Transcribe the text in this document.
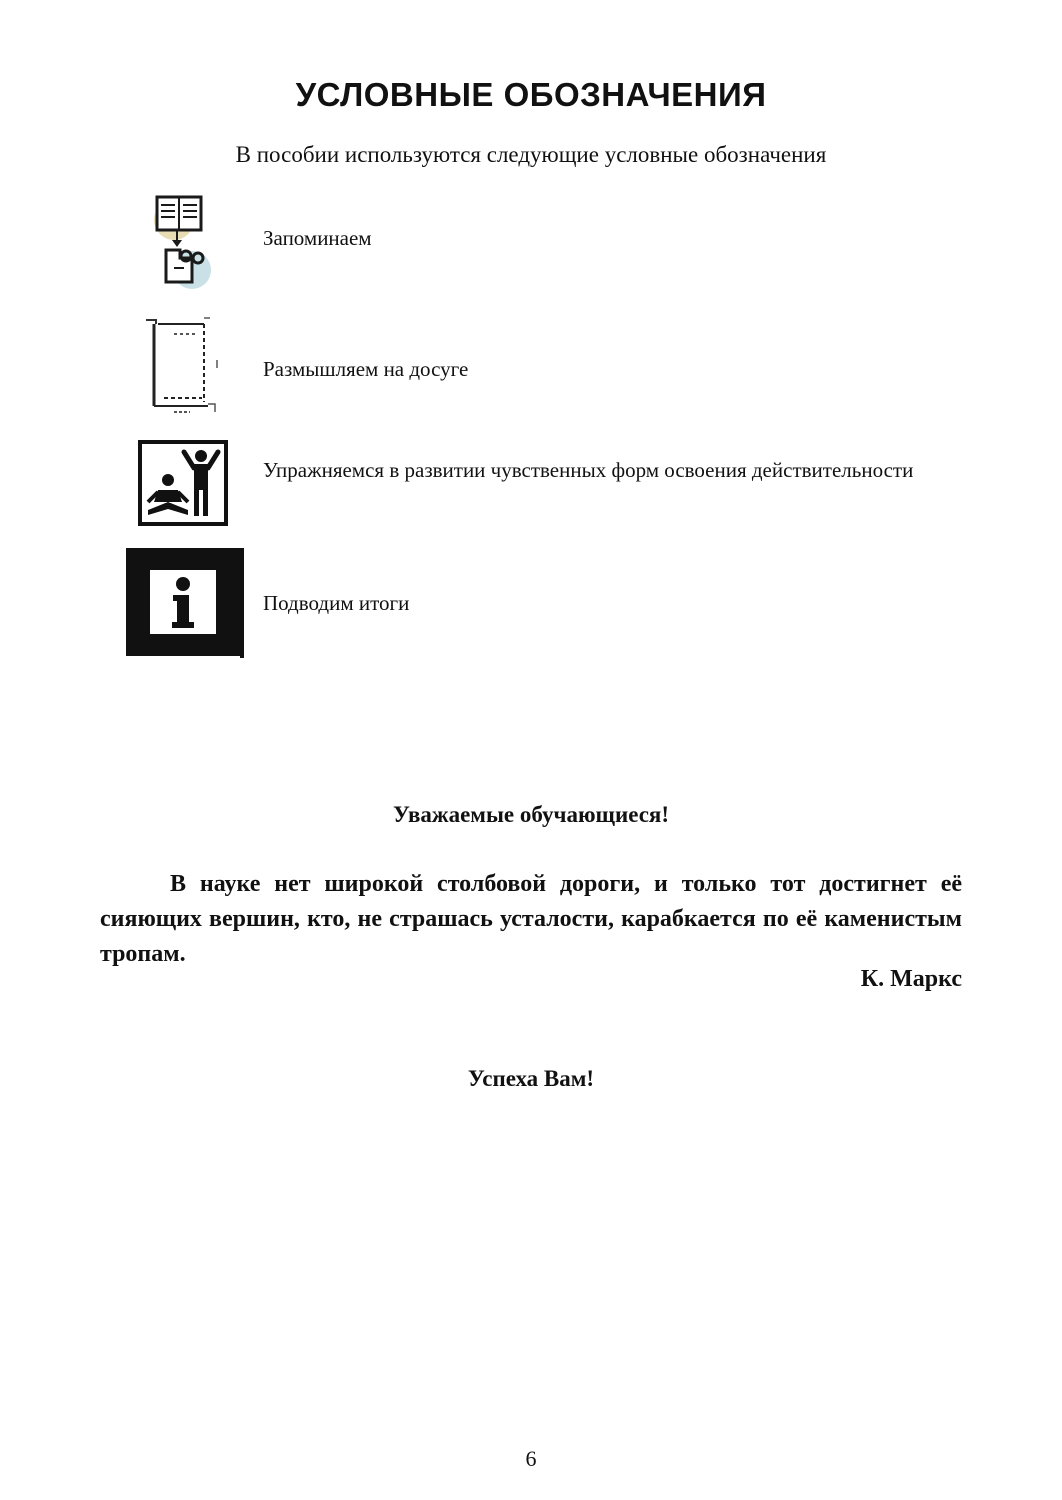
УСЛОВНЫЕ ОБОЗНАЧЕНИЯ
В пособии используются следующие условные обозначения
Запоминаем
Размышляем на досуге
Упражняемся в развитии чувственных форм освоения действительности
Подводим итоги
Уважаемые обучающиеся!

В науке нет широкой столбовой дороги, и только тот достигнет её сияющих вершин, кто, не страшась усталости, карабкается по её каменистым тропам.

К. Маркс
Успеха Вам!
6
